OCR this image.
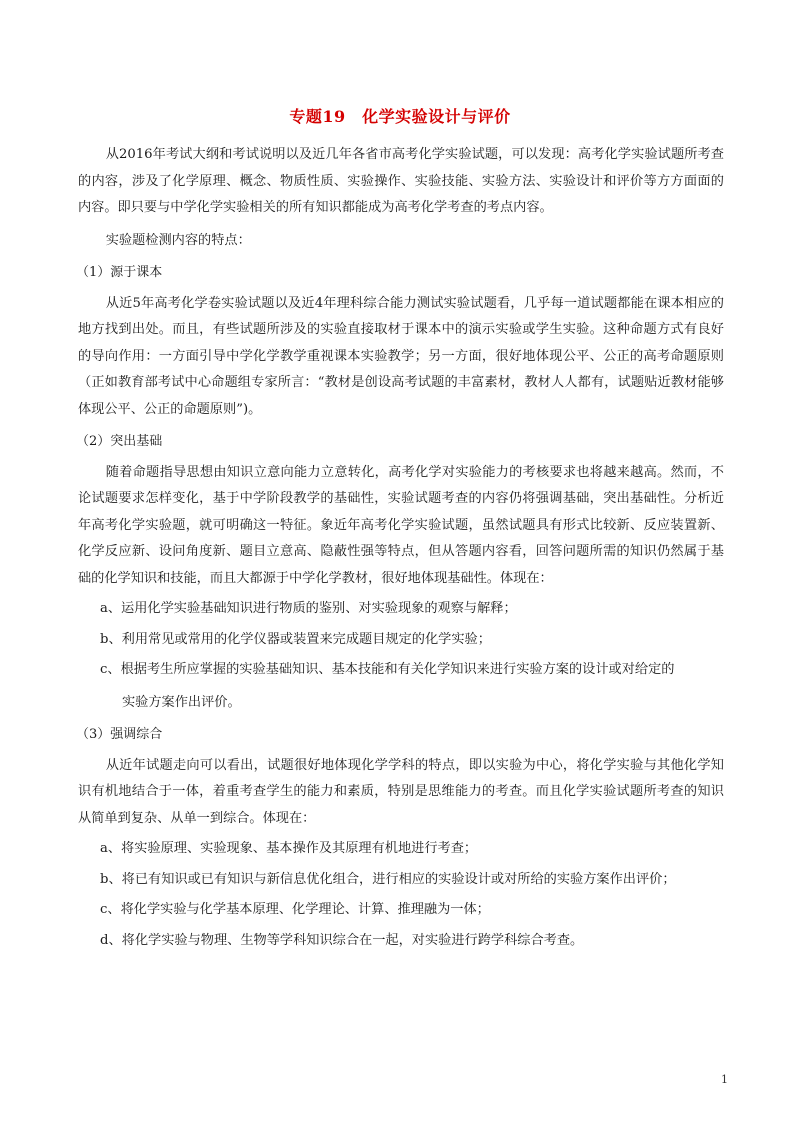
专题19　化学实验设计与评价

从2016年考试大纲和考试说明以及近几年各省市高考化学实验试题，可以发现：高考化学实验试题所考查的内容，涉及了化学原理、概念、物质性质、实验操作、实验技能、实验方法、实验设计和评价等方方面面的内容。即只要与中学化学实验相关的所有知识都能成为高考化学考查的考点内容。

实验题检测内容的特点：

（1）源于课本

从近5年高考化学卷实验试题以及近4年理科综合能力测试实验试题看，几乎每一道试题都能在课本相应的地方找到出处。而且，有些试题所涉及的实验直接取材于课本中的演示实验或学生实验。这种命题方式有良好的导向作用：一方面引导中学化学教学重视课本实验教学；另一方面，很好地体现公平、公正的高考命题原则（正如教育部考试中心命题组专家所言：“教材是创设高考试题的丰富素材，教材人人都有，试题贴近教材能够体现公平、公正的命题原则”)。

（2）突出基础

随着命题指导思想由知识立意向能力立意转化，高考化学对实验能力的考核要求也将越来越高。然而，不论试题要求怎样变化，基于中学阶段教学的基础性，实验试题考查的内容仍将强调基础，突出基础性。分析近年高考化学实验题，就可明确这一特征。象近年高考化学实验试题，虽然试题具有形式比较新、反应装置新、化学反应新、设问角度新、题目立意高、隐蔽性强等特点，但从答题内容看，回答问题所需的知识仍然属于基础的化学知识和技能，而且大都源于中学化学教材，很好地体现基础性。体现在：

a、运用化学实验基础知识进行物质的鉴别、对实验现象的观察与解释；
b、利用常见或常用的化学仪器或装置来完成题目规定的化学实验；
c、根据考生所应掌握的实验基础知识、基本技能和有关化学知识来进行实验方案的设计或对给定的
实验方案作出评价。
（3）强调综合

从近年试题走向可以看出，试题很好地体现化学学科的特点，即以实验为中心，将化学实验与其他化学知识有机地结合于一体，着重考查学生的能力和素质，特别是思维能力的考查。而且化学实验试题所考查的知识从简单到复杂、从单一到综合。体现在：

a、将实验原理、实验现象、基本操作及其原理有机地进行考查；
b、将已有知识或已有知识与新信息优化组合，进行相应的实验设计或对所给的实验方案作出评价；
c、将化学实验与化学基本原理、化学理论、计算、推理融为一体；
d、将化学实验与物理、生物等学科知识综合在一起，对实验进行跨学科综合考查。
1
